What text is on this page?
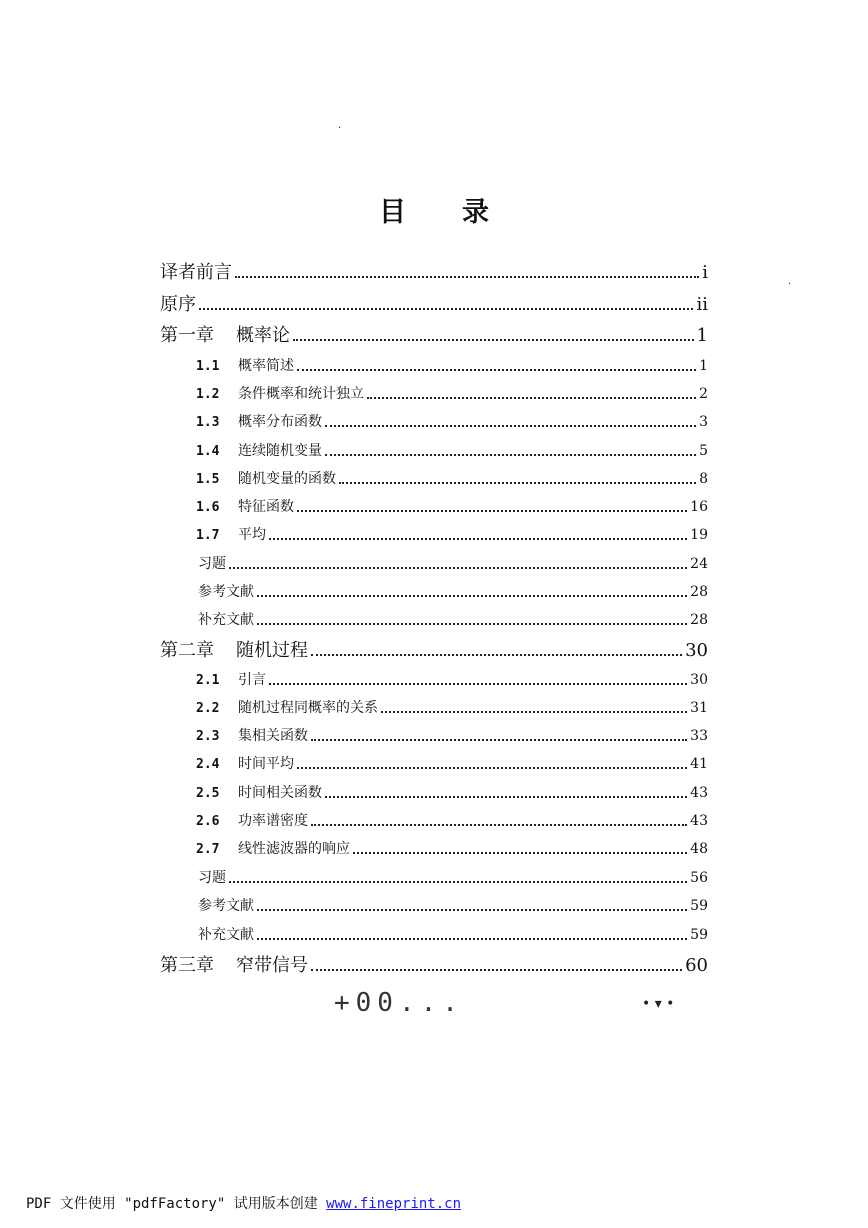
目 录
译者前言	i
原序	ii
第一章 概率论	1
1.1	概率简述	1
1.2	条件概率和统计独立	2
1.3	概率分布函数	3
1.4	连续随机变量	5
1.5	随机变量的函数	8
1.6	特征函数	16
1.7	平均	19
习题	24
参考文献	28
补充文献	28
第二章 随机过程	30
2.1	引言	30
2.2	随机过程同概率的关系	31
2.3	集相关函数	33
2.4	时间平均	41
2.5	时间相关函数	43
2.6	功率谱密度	43
2.7	线性滤波器的响应	48
习题	56
参考文献	59
补充文献	59
第三章 窄带信号	60
+00...	• ▾ •
.
.
PDF 文件使用 "pdfFactory" 试用版本创建 www.fineprint.cn
